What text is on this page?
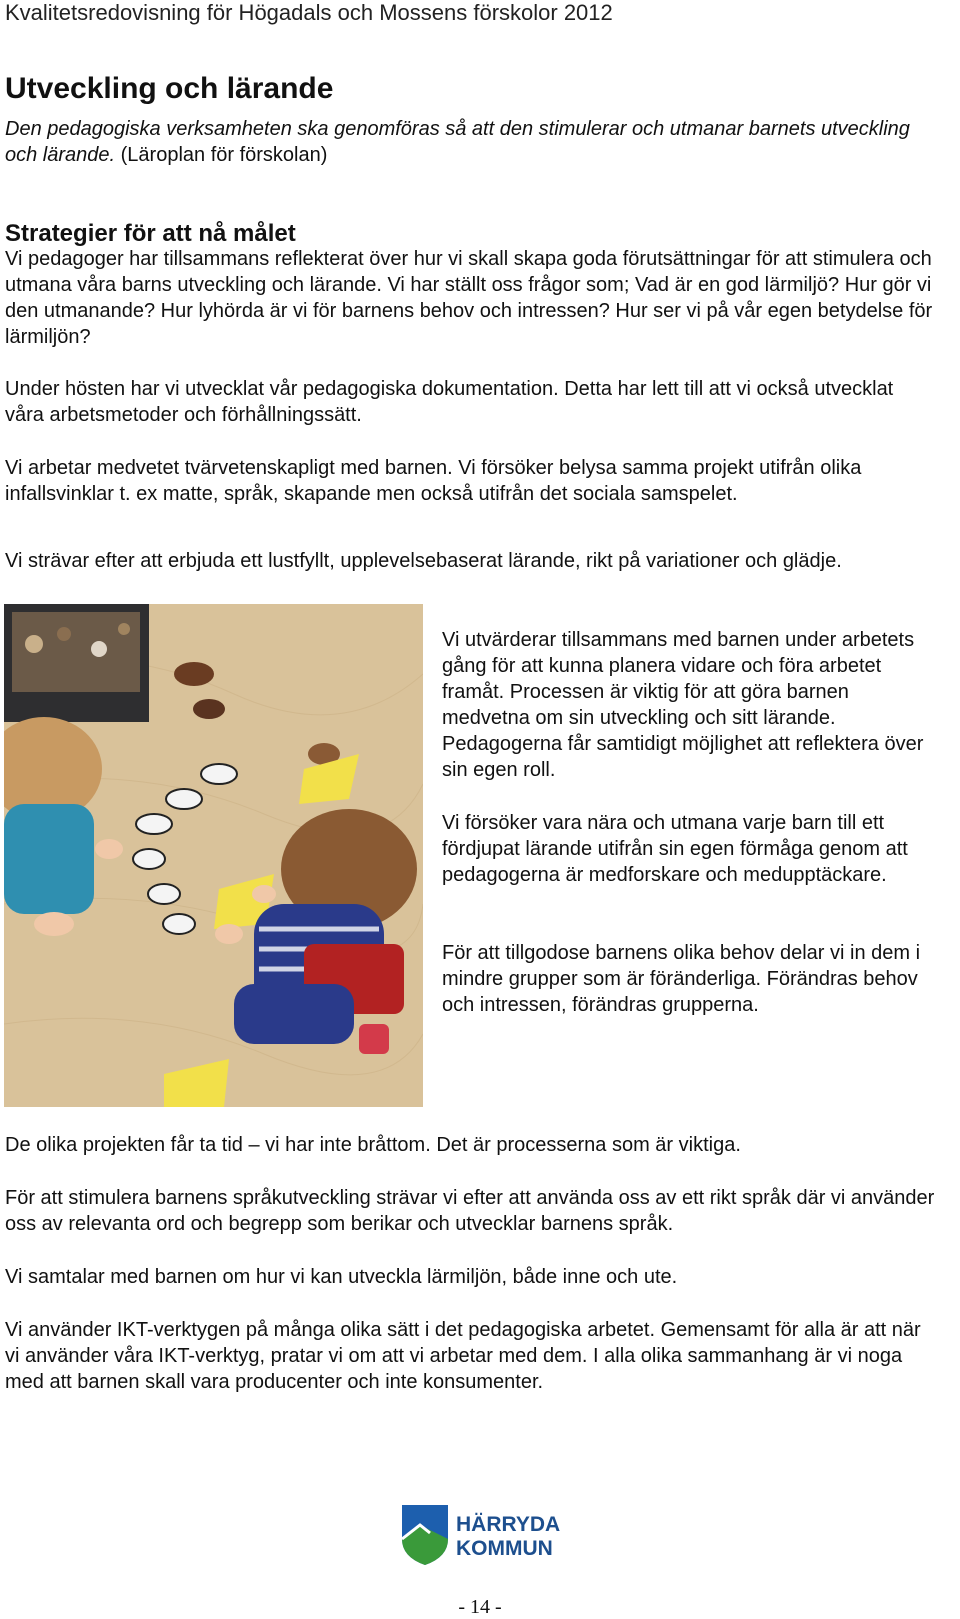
Kvalitetsredovisning för Högadals och Mossens förskolor 2012
Utveckling och lärande
Den pedagogiska verksamheten ska genomföras så att den stimulerar och utmanar barnets utveckling och lärande. (Läroplan för förskolan)
Strategier för att nå målet

Vi pedagoger har tillsammans reflekterat över hur vi skall skapa goda förutsättningar för att stimulera och utmana våra barns utveckling och lärande. Vi har ställt oss frågor som; Vad är en god lärmiljö? Hur gör vi den utmanande? Hur lyhörda är vi för barnens behov och intressen? Hur ser vi på vår egen betydelse för lärmiljön?

Under hösten har vi utvecklat vår pedagogiska dokumentation. Detta har lett till att vi också utvecklat våra arbetsmetoder och förhållningssätt.

Vi arbetar medvetet tvärvetenskapligt med barnen. Vi försöker belysa samma projekt utifrån olika infallsvinklar t. ex matte, språk, skapande men också utifrån det sociala samspelet.

Vi strävar efter att erbjuda ett lustfyllt, upplevelsebaserat lärande, rikt på variationer och glädje.

Vi utvärderar tillsammans med barnen under arbetets gång för att kunna planera vidare och föra arbetet framåt. Processen är viktig för att göra barnen medvetna om sin utveckling och sitt lärande. Pedagogerna får samtidigt möjlighet att reflektera över sin egen roll.

Vi försöker vara nära och utmana varje barn till ett fördjupat lärande utifrån sin egen förmåga genom att pedagogerna är medforskare och medupptäckare.

För att tillgodose barnens olika behov delar vi in dem i mindre grupper som är föränderliga. Förändras behov och intressen, förändras grupperna.

De olika projekten får ta tid – vi har inte bråttom. Det är processerna som är viktiga.

För att stimulera barnens språkutveckling strävar vi efter att använda oss av ett rikt språk där vi använder oss av relevanta ord och begrepp som berikar och utvecklar barnens språk.

Vi samtalar med barnen om hur vi kan utveckla lärmiljön, både inne och ute.

Vi använder IKT-verktygen på många olika sätt i det pedagogiska arbetet. Gemensamt för alla är att när vi använder våra IKT-verktyg, pratar vi om att vi arbetar med dem. I alla olika sammanhang är vi noga med att barnen skall vara producenter och inte konsumenter.

HÄRRYDA
KOMMUN
- 14 -
